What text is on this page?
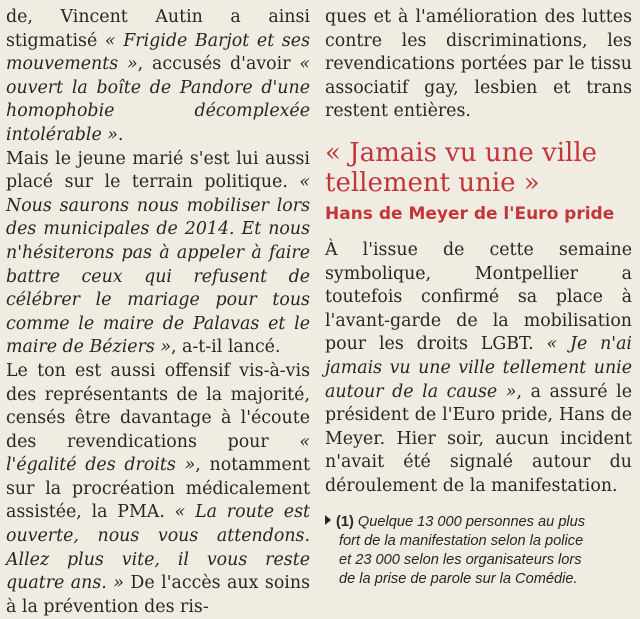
de, Vincent Autin a ainsi stigmatisé « Frigide Barjot et ses mouvements », accusés d'avoir « ouvert la boîte de Pandore d'une homophobie décomplexée intolérable ».

Mais le jeune marié s'est lui aussi placé sur le terrain politique. « Nous saurons nous mobiliser lors des municipales de 2014. Et nous n'hésiterons pas à appeler à faire battre ceux qui refusent de célébrer le mariage pour tous comme le maire de Palavas et le maire de Béziers », a-t-il lancé.

Le ton est aussi offensif vis-à-vis des représentants de la majorité, censés être davantage à l'écoute des revendications pour « l'égalité des droits », notamment sur la procréation médicalement assistée, la PMA. « La route est ouverte, nous vous attendons. Allez plus vite, il vous reste quatre ans. » De l'accès aux soins à la prévention des ris-

ques et à l'amélioration des luttes contre les discriminations, les revendications portées par le tissu associatif gay, lesbien et trans restent entières.

« Jamais vu une ville tellement unie »
Hans de Meyer de l'Euro pride

À l'issue de cette semaine symbolique, Montpellier a toutefois confirmé sa place à l'avant-garde de la mobilisation pour les droits LGBT. « Je n'ai jamais vu une ville tellement unie autour de la cause », a assuré le président de l'Euro pride, Hans de Meyer. Hier soir, aucun incident n'avait été signalé autour du déroulement de la manifestation.

(1) Quelque 13 000 personnes au plus
fort de la manifestation selon la police
et 23 000 selon les organisateurs lors
de la prise de parole sur la Comédie.
